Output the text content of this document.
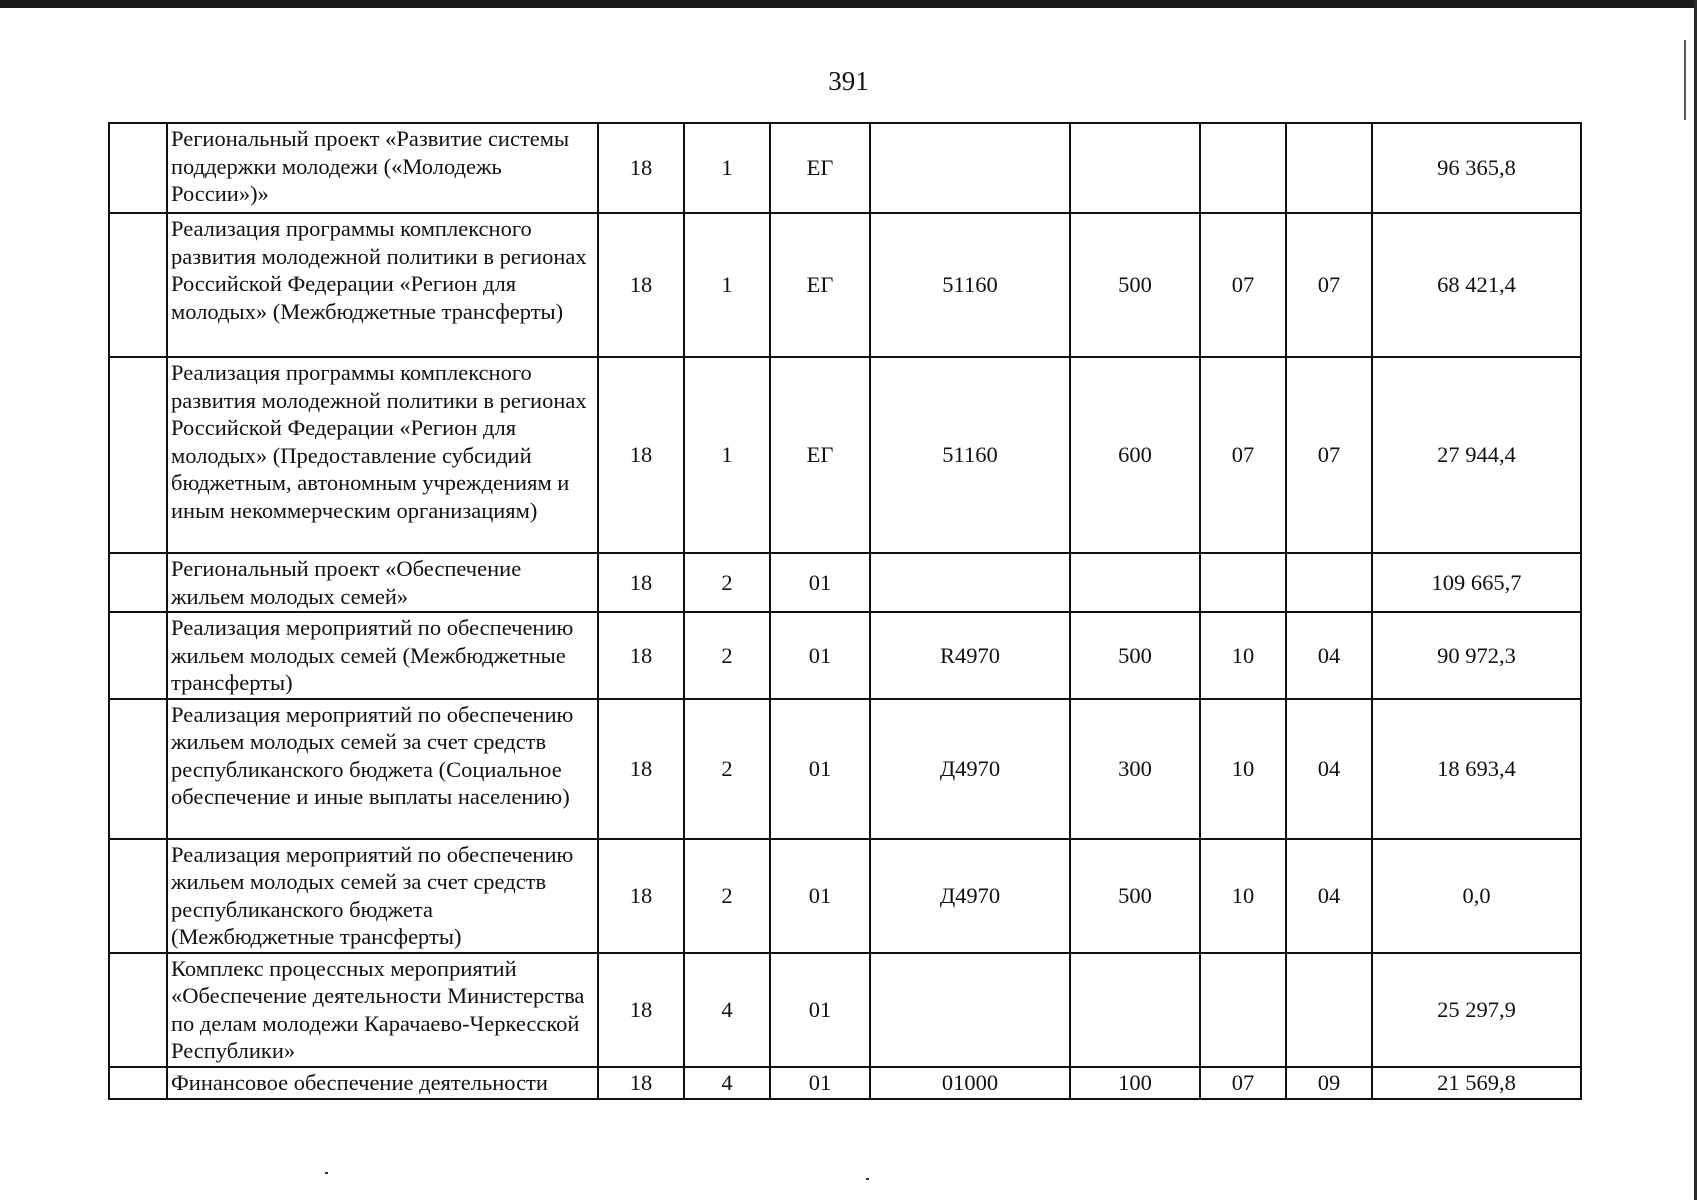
391
	Региональный проект «Развитие системы поддержки молодежи («Молодежь России»)»	18	1	ЕГ					96 365,8
	Реализация программы комплексного развития молодежной политики в регионах Российской Федерации «Регион для молодых» (Межбюджетные трансферты)	18	1	ЕГ	51160	500	07	07	68 421,4
	Реализация программы комплексного развития молодежной политики в регионах Российской Федерации «Регион для молодых» (Предоставление субсидий бюджетным, автономным учреждениям и иным некоммерческим организациям)	18	1	ЕГ	51160	600	07	07	27 944,4
	Региональный проект «Обеспечение жильем молодых семей»	18	2	01					109 665,7
	Реализация мероприятий по обеспечению жильем молодых семей (Межбюджетные трансферты)	18	2	01	R4970	500	10	04	90 972,3
	Реализация мероприятий по обеспечению жильем молодых семей за счет средств республиканского бюджета (Социальное обеспечение и иные выплаты населению)	18	2	01	Д4970	300	10	04	18 693,4
	Реализация мероприятий по обеспечению жильем молодых семей за счет средств республиканского бюджета (Межбюджетные трансферты)	18	2	01	Д4970	500	10	04	0,0
	Комплекс процессных мероприятий «Обеспечение деятельности Министерства по делам молодежи Карачаево-Черкесской Республики»	18	4	01					25 297,9
	Финансовое обеспечение деятельности	18	4	01	01000	100	07	09	21 569,8
